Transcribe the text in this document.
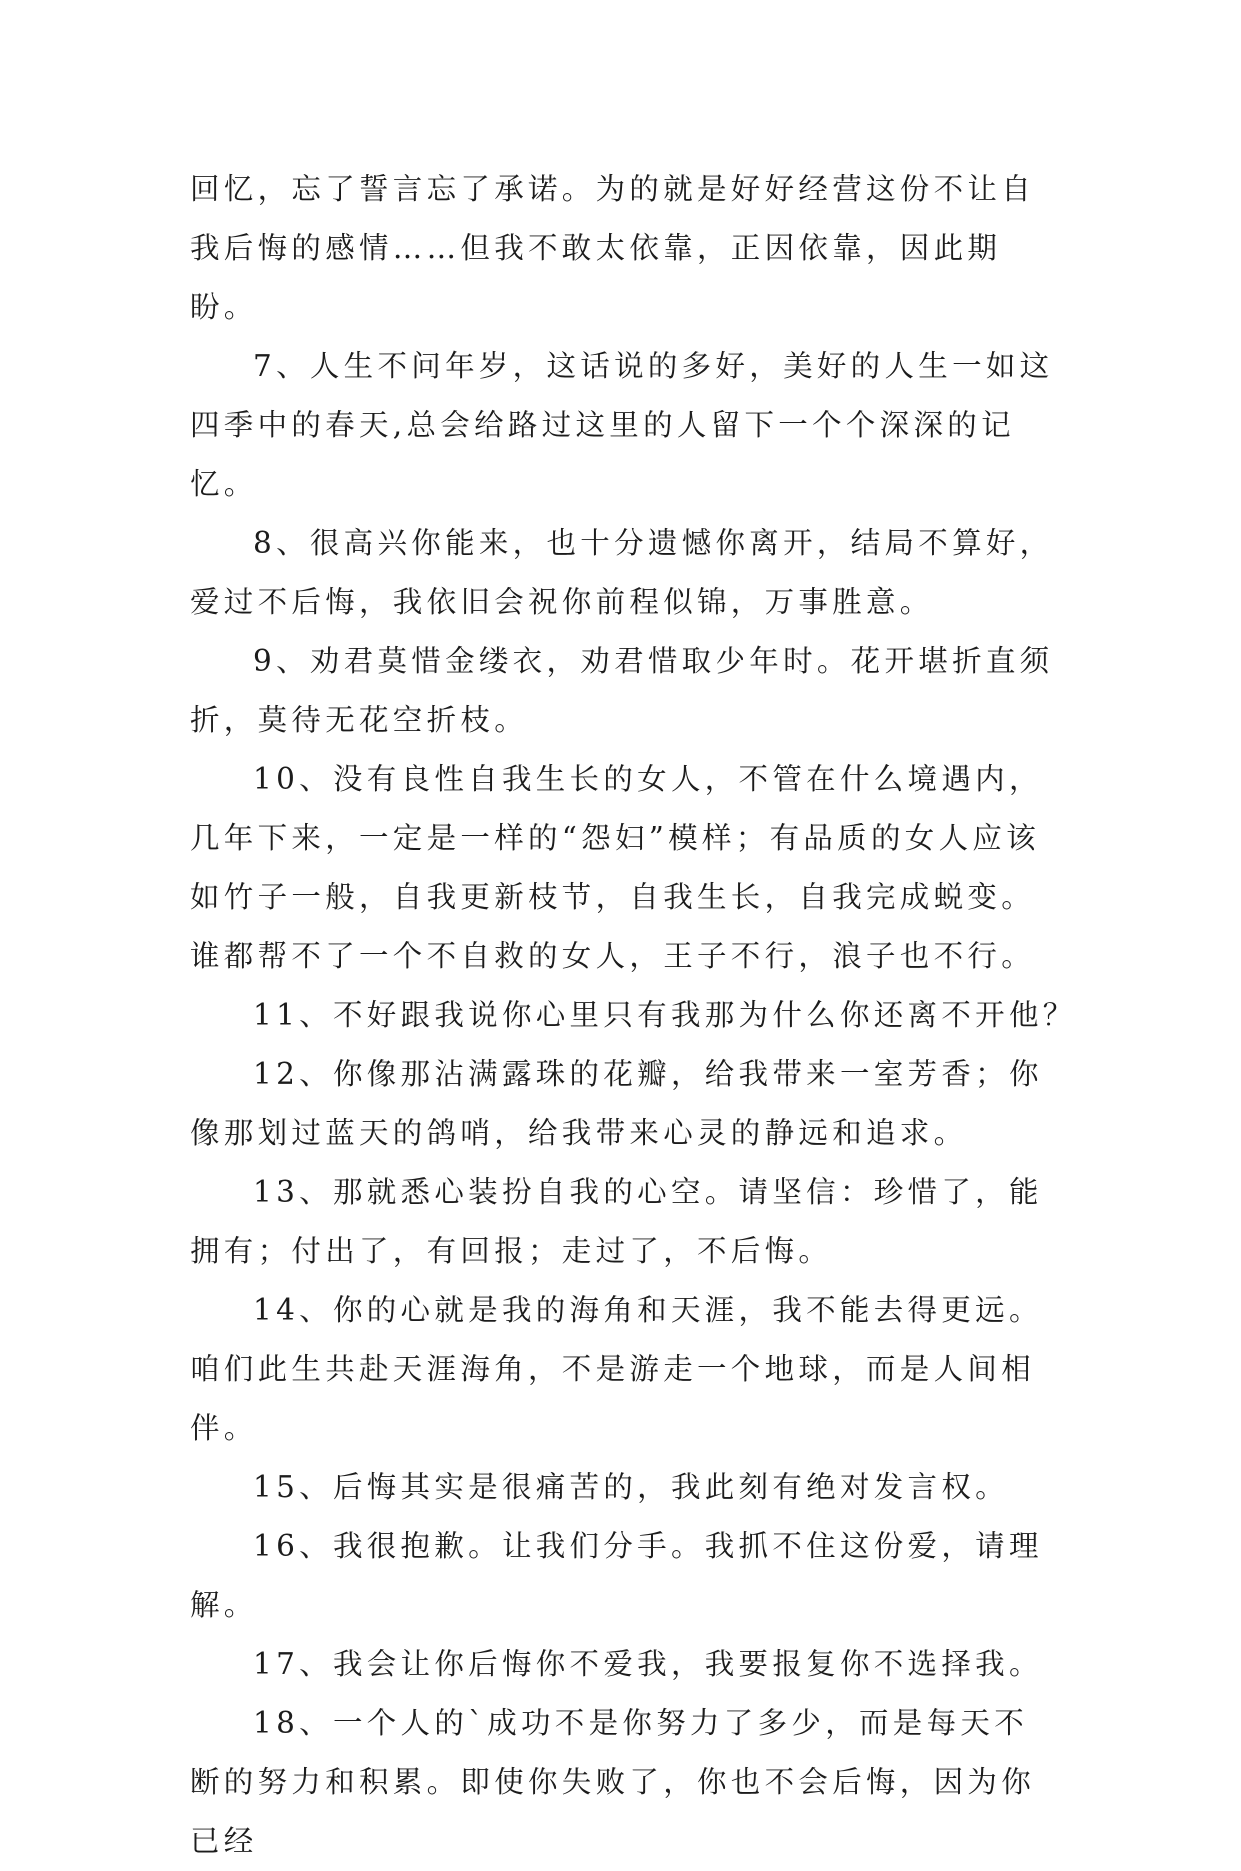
回忆，忘了誓言忘了承诺。为的就是好好经营这份不让自我后悔的感情……但我不敢太依靠，正因依靠，因此期盼。

7、人生不问年岁，这话说的多好，美好的人生一如这四季中的春天,总会给路过这里的人留下一个个深深的记忆。

8、很高兴你能来，也十分遗憾你离开，结局不算好，爱过不后悔，我依旧会祝你前程似锦，万事胜意。

9、劝君莫惜金缕衣，劝君惜取少年时。花开堪折直须折，莫待无花空折枝。

10、没有良性自我生长的女人，不管在什么境遇内，几年下来，一定是一样的“怨妇”模样；有品质的女人应该如竹子一般，自我更新枝节，自我生长，自我完成蜕变。谁都帮不了一个不自救的女人，王子不行，浪子也不行。

11、不好跟我说你心里只有我那为什么你还离不开他？

12、你像那沾满露珠的花瓣，给我带来一室芳香；你像那划过蓝天的鸽哨，给我带来心灵的静远和追求。

13、那就悉心装扮自我的心空。请坚信：珍惜了，能拥有；付出了，有回报；走过了，不后悔。

14、你的心就是我的海角和天涯，我不能去得更远。咱们此生共赴天涯海角，不是游走一个地球，而是人间相伴。

15、后悔其实是很痛苦的，我此刻有绝对发言权。

16、我很抱歉。让我们分手。我抓不住这份爱，请理解。

17、我会让你后悔你不爱我，我要报复你不选择我。

18、一个人的`成功不是你努力了多少，而是每天不断的努力和积累。即使你失败了，你也不会后悔，因为你已经
